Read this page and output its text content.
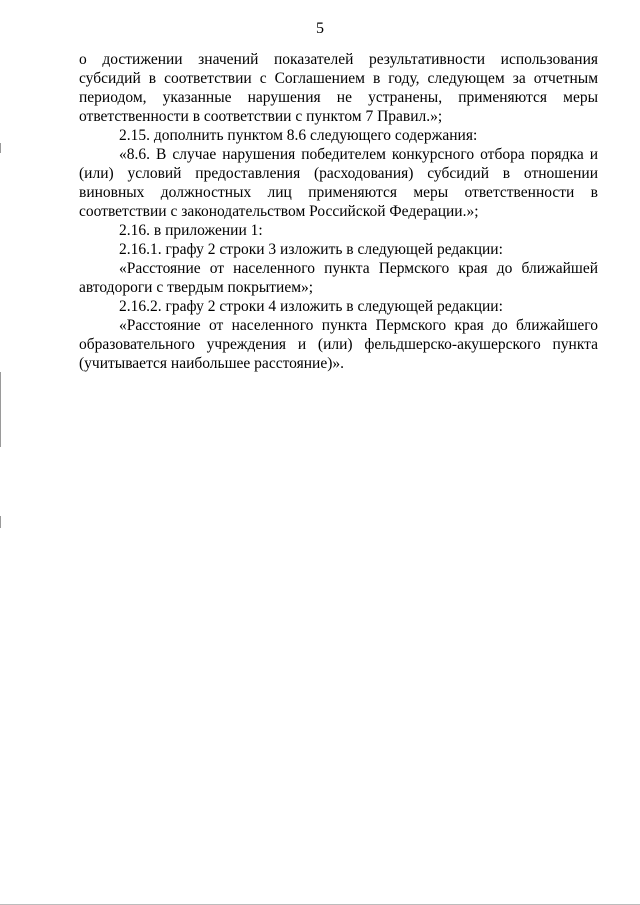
5

о достижении значений показателей результативности использования субсидий в соответствии с Соглашением в году, следующем за отчетным периодом, указанные нарушения не устранены, применяются меры ответственности в соответствии с пунктом 7 Правил.»;

2.15. дополнить пунктом 8.6 следующего содержания:

«8.6. В случае нарушения победителем конкурсного отбора порядка и (или) условий предоставления (расходования) субсидий в отношении виновных должностных лиц применяются меры ответственности в соответствии с законодательством Российской Федерации.»;

2.16. в приложении 1:

2.16.1. графу 2 строки 3 изложить в следующей редакции:

«Расстояние от населенного пункта Пермского края до ближайшей автодороги с твердым покрытием»;

2.16.2. графу 2 строки 4 изложить в следующей редакции:

«Расстояние от населенного пункта Пермского края до ближайшего образовательного учреждения и (или) фельдшерско-акушерского пункта (учитывается наибольшее расстояние)».
